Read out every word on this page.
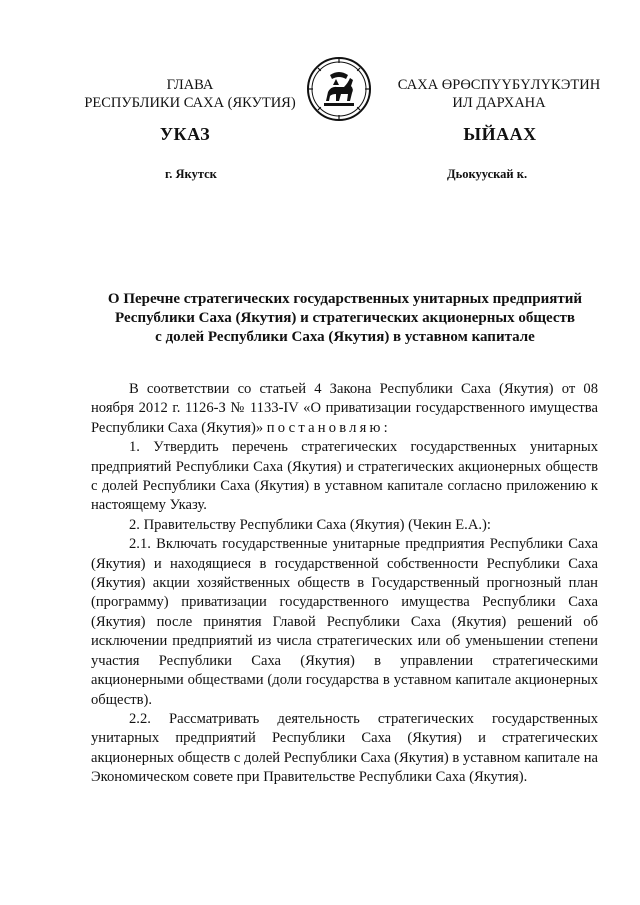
ГЛАВА
РЕСПУБЛИКИ САХА (ЯКУТИЯ)
САХА ӨРӨСПҮҮБҮЛҮКЭТИН
ИЛ ДАРХАНА
УКАЗ	ЫЙААХ
г. Якутск	Дьокуускай к.
О Перечне стратегических государственных унитарных предприятий
Республики Саха (Якутия) и стратегических акционерных обществ
с долей Республики Саха (Якутия) в уставном капитале

В соответствии со статьей 4 Закона Республики Саха (Якутия) от 08 ноября 2012 г. 1126-З № 1133-IV «О приватизации государственного имущества Республики Саха (Якутия)» постановляю:

1. Утвердить перечень стратегических государственных унитарных предприятий Республики Саха (Якутия) и стратегических акционерных обществ с долей Республики Саха (Якутия) в уставном капитале согласно приложению к настоящему Указу.

2. Правительству Республики Саха (Якутия) (Чекин Е.А.):

2.1. Включать государственные унитарные предприятия Республики Саха (Якутия) и находящиеся в государственной собственности Республики Саха (Якутия) акции хозяйственных обществ в Государственный прогнозный план (программу) приватизации государственного имущества Республики Саха (Якутия) после принятия Главой Республики Саха (Якутия) решений об исключении предприятий из числа стратегических или об уменьшении степени участия Республики Саха (Якутия) в управлении стратегическими акционерными обществами (доли государства в уставном капитале акционерных обществ).

2.2. Рассматривать деятельность стратегических государственных унитарных предприятий Республики Саха (Якутия) и стратегических акционерных обществ с долей Республики Саха (Якутия) в уставном капитале на Экономическом совете при Правительстве Республики Саха (Якутия).
